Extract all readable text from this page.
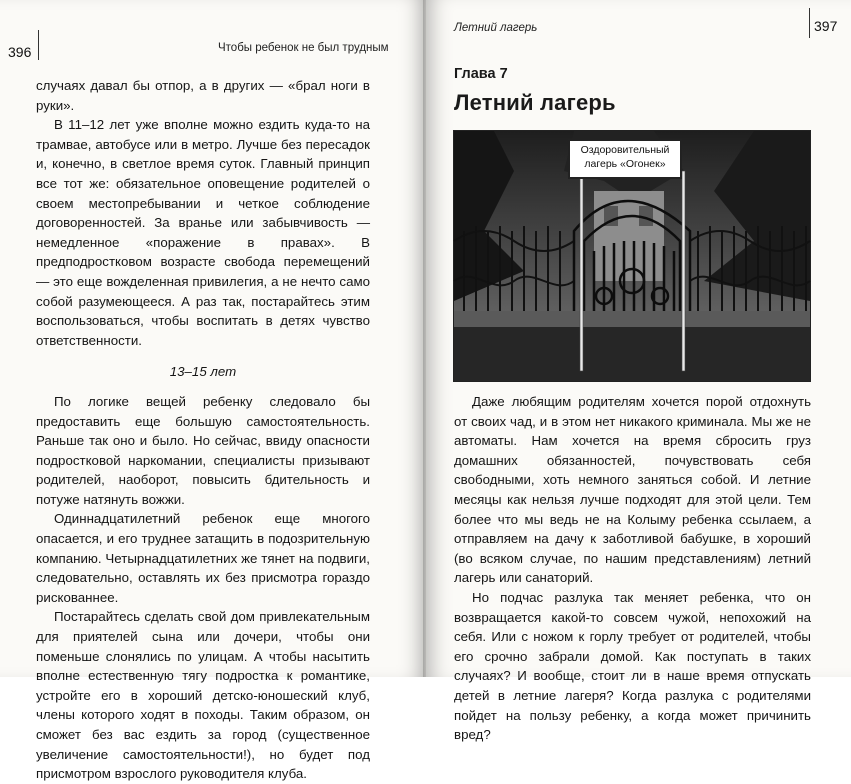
396	Чтобы ребенок не был трудным

случаях давал бы отпор, а в других — «брал ноги в руки».

В 11–12 лет уже вполне можно ездить куда-то на трамвае, автобусе или в метро. Лучше без пересадок и, конечно, в светлое время суток. Главный принцип все тот же: обязательное оповещение родителей о своем местопребывании и четкое соблюдение договоренностей. За вранье или забывчивость — немедленное «поражение в правах». В предподростковом возрасте свобода перемещений — это еще вожделенная привилегия, а не нечто само собой разумеющееся. А раз так, постарайтесь этим воспользоваться, чтобы воспитать в детях чувство ответственности.

13–15 лет

По логике вещей ребенку следовало бы предоставить еще большую самостоятельность. Раньше так оно и было. Но сейчас, ввиду опасности подростковой наркомании, специалисты призывают родителей, наоборот, повысить бдительность и потуже натянуть вожжи.

Одиннадцатилетний ребенок еще многого опасается, и его труднее затащить в подозрительную компанию. Четырнадцатилетних же тянет на подвиги, следовательно, оставлять их без присмотра гораздо рискованнее.

Постарайтесь сделать свой дом привлекательным для приятелей сына или дочери, чтобы они поменьше слонялись по улицам. А чтобы насытить вполне естественную тягу подростка к романтике, устройте его в хороший детско-юношеский клуб, члены которого ходят в походы. Таким образом, он сможет без вас ездить за город (существенное увеличение самостоятельности!), но будет под присмотром взрослого руководителя клуба.

Летний лагерь	397
Глава 7
Летний лагерь
Оздоровительный
лагерь «Огонек»

Даже любящим родителям хочется порой отдохнуть от своих чад, и в этом нет никакого криминала. Мы же не автоматы. Нам хочется на время сбросить груз домашних обязанностей, почувствовать себя свободными, хоть немного заняться собой. И летние месяцы как нельзя лучше подходят для этой цели. Тем более что мы ведь не на Колыму ребенка ссылаем, а отправляем на дачу к заботливой бабушке, в хороший (во всяком случае, по нашим представлениям) летний лагерь или санаторий.

Но подчас разлука так меняет ребенка, что он возвращается какой-то совсем чужой, непохожий на себя. Или с ножом к горлу требует от родителей, чтобы его срочно забрали домой. Как поступать в таких случаях? И вообще, стоит ли в наше время отпускать детей в летние лагеря? Когда разлука с родителями пойдет на пользу ребенку, а когда может причинить вред?
